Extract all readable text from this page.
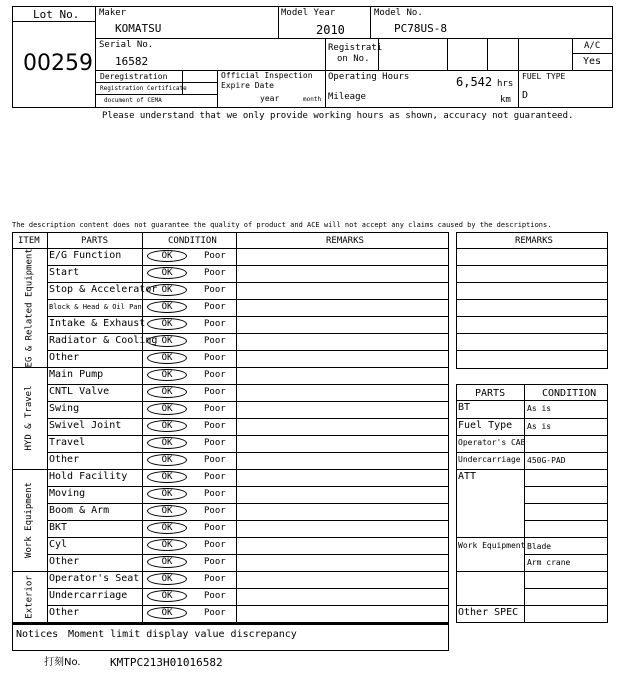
Lot No.
00259
Maker
KOMATSU
Model Year
2010
Model No.
PC78US-8
Serial No.
16582
Registrati
on No.
A/C
Yes
Deregistration
Registration Certificate
document of CEMA
Official Inspection
Expire Date
year	month
Operating Hours	6,542 hrs
Mileage	km
FUEL TYPE
D
Please understand that we only provide working hours as shown, accuracy not guaranteed.
The description content does not guarantee the quality of product and ACE will not accept any claims caused by the descriptions.
ITEM	PARTS	CONDITION	REMARKS
E/G Function	OK	Poor
Start	OK	Poor
Stop & Accelerator OK	Poor
Block & Head & Oil Pan	OK	Poor
Intake & Exhaust	OK	Poor
Radiator & Cooling OK	Poor
Other	OK	Poor
EG & Related Equipment
Main Pump	OK	Poor
CNTL Valve	OK	Poor
Swing	OK	Poor
Swivel Joint	OK	Poor
Travel	OK	Poor
Other	OK	Poor
HYD & Travel
Hold Facility	OK	Poor
Moving	OK	Poor
Boom & Arm	OK	Poor
BKT	OK	Poor
Cyl	OK	Poor
Other	OK	Poor
Work Equipment
Operator's Seat	OK	Poor
Undercarriage	OK	Poor
Other	OK	Poor
Exterior
Notices Moment limit display value discrepancy
打刻No.	KMTPC213H01016582
REMARKS
PARTS	CONDITION
BT	As is
Fuel Type As is
Operator's CAB
Undercarriage 450G-PAD
ATT
Work Equipment Blade
Arm crane
Other SPEC
